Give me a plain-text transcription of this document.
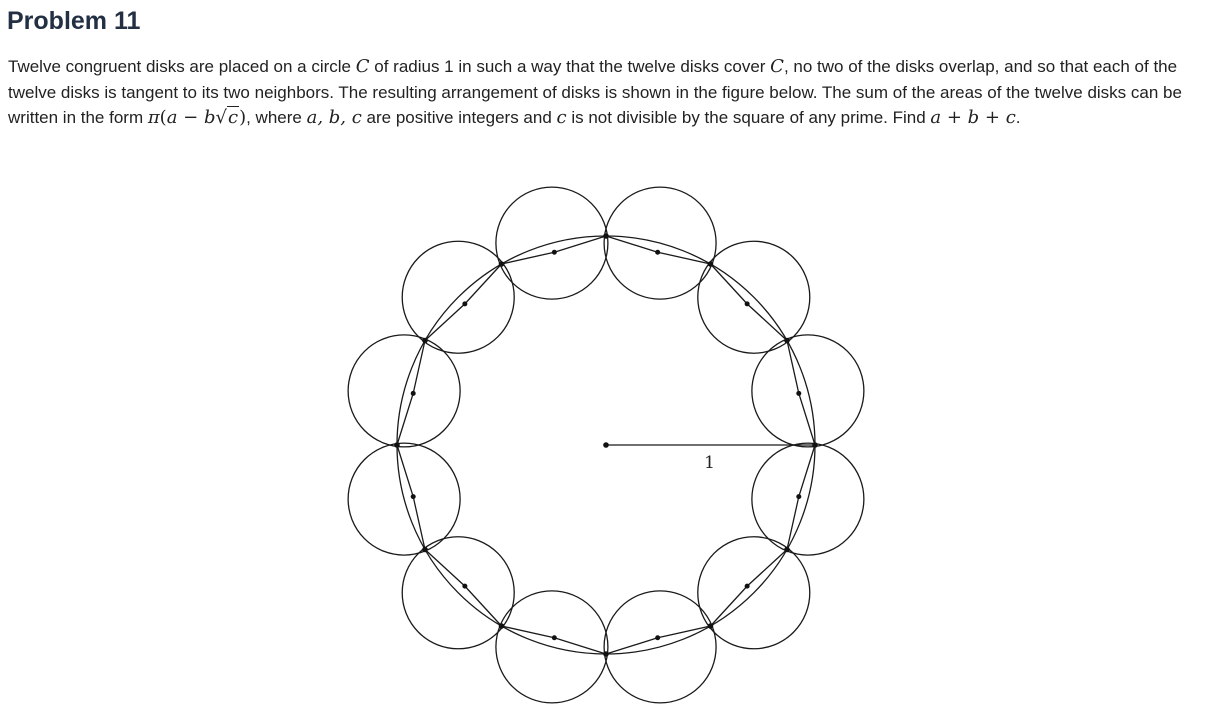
Problem 11

Twelve congruent disks are placed on a circle C of radius 1 in such a way that the twelve disks cover C, no two of the disks overlap, and so that each of the twelve disks is tangent to its two neighbors. The resulting arrangement of disks is shown in the figure below. The sum of the areas of the twelve disks can be written in the form π(a − b√c), where a, b, c are positive integers and c is not divisible by the square of any prime. Find a + b + c.

1
